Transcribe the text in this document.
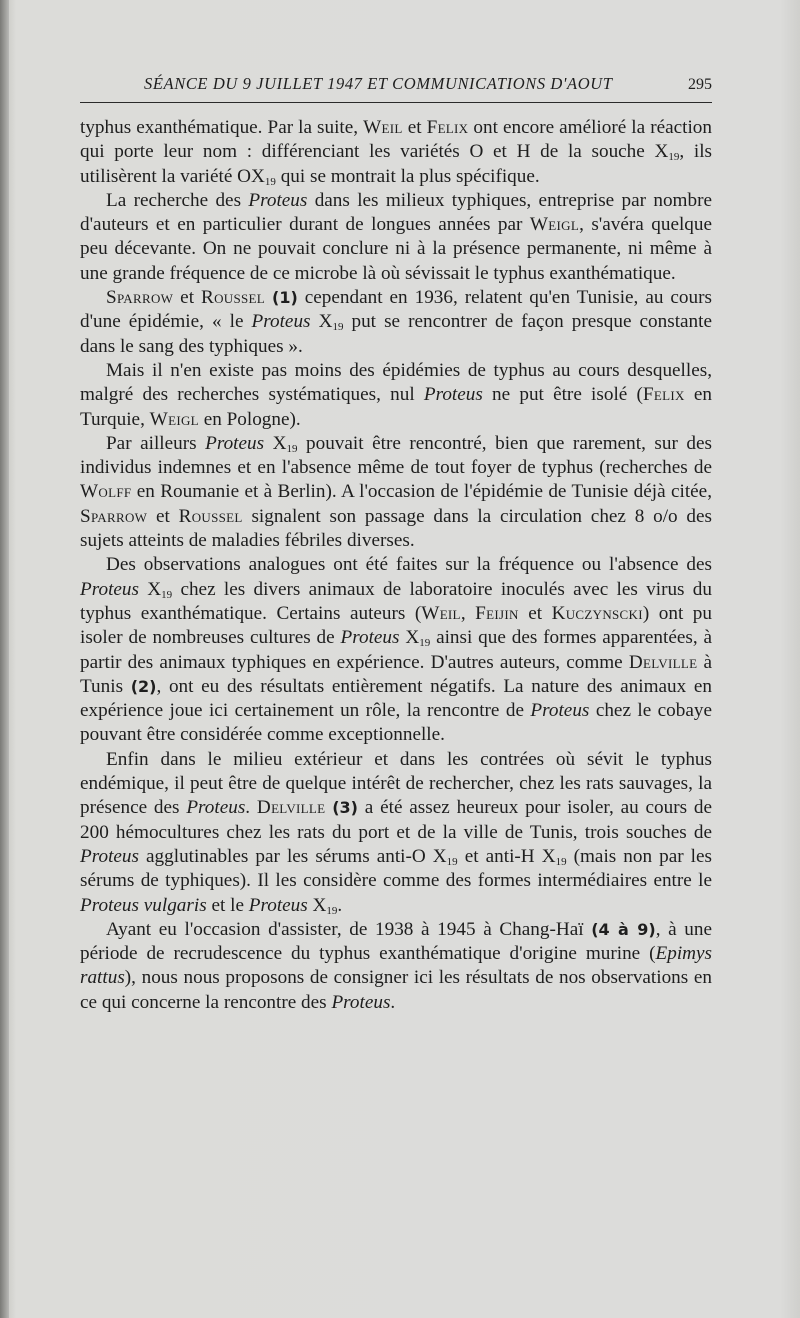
SÉANCE DU 9 JUILLET 1947 ET COMMUNICATIONS D'AOUT	295

typhus exanthématique. Par la suite, Weil et Felix ont encore amélioré la réaction qui porte leur nom : différenciant les variétés O et H de la souche $X_{19}$, ils utilisèrent la variété $OX_{19}$ qui se montrait la plus spécifique.

La recherche des Proteus dans les milieux typhiques, entreprise par nombre d'auteurs et en particulier durant de longues années par Weigl, s'avéra quelque peu décevante. On ne pouvait conclure ni à la présence permanente, ni même à une grande fréquence de ce microbe là où sévissait le typhus exanthématique.

Sparrow et Roussel (1) cependant en 1936, relatent qu'en Tunisie, au cours d'une épidémie, « le Proteus $X_{19}$ put se rencontrer de façon presque constante dans le sang des typhiques ».

Mais il n'en existe pas moins des épidémies de typhus au cours desquelles, malgré des recherches systématiques, nul Proteus ne put être isolé (Felix en Turquie, Weigl en Pologne).

Par ailleurs Proteus $X_{19}$ pouvait être rencontré, bien que rarement, sur des individus indemnes et en l'absence même de tout foyer de typhus (recherches de Wolff en Roumanie et à Berlin). A l'occasion de l'épidémie de Tunisie déjà citée, Sparrow et Roussel signalent son passage dans la circulation chez 8 o/o des sujets atteints de maladies fébriles diverses.

Des observations analogues ont été faites sur la fréquence ou l'absence des Proteus $X_{19}$ chez les divers animaux de laboratoire inoculés avec les virus du typhus exanthématique. Certains auteurs (Weil, Feijin et Kuczynscki) ont pu isoler de nombreuses cultures de Proteus $X_{19}$ ainsi que des formes apparentées, à partir des animaux typhiques en expérience. D'autres auteurs, comme Delville à Tunis (2), ont eu des résultats entièrement négatifs. La nature des animaux en expérience joue ici certainement un rôle, la rencontre de Proteus chez le cobaye pouvant être considérée comme exceptionnelle.

Enfin dans le milieu extérieur et dans les contrées où sévit le typhus endémique, il peut être de quelque intérêt de rechercher, chez les rats sauvages, la présence des Proteus. Delville (3) a été assez heureux pour isoler, au cours de 200 hémocultures chez les rats du port et de la ville de Tunis, trois souches de Proteus agglutinables par les sérums anti-O $X_{19}$ et anti-H $X_{19}$ (mais non par les sérums de typhiques). Il les considère comme des formes intermédiaires entre le Proteus vulgaris et le Proteus $X_{19}$.

Ayant eu l'occasion d'assister, de 1938 à 1945 à Chang-Haï (4 à 9), à une période de recrudescence du typhus exanthématique d'origine murine (Epimys rattus), nous nous proposons de consigner ici les résultats de nos observations en ce qui concerne la rencontre des Proteus.
